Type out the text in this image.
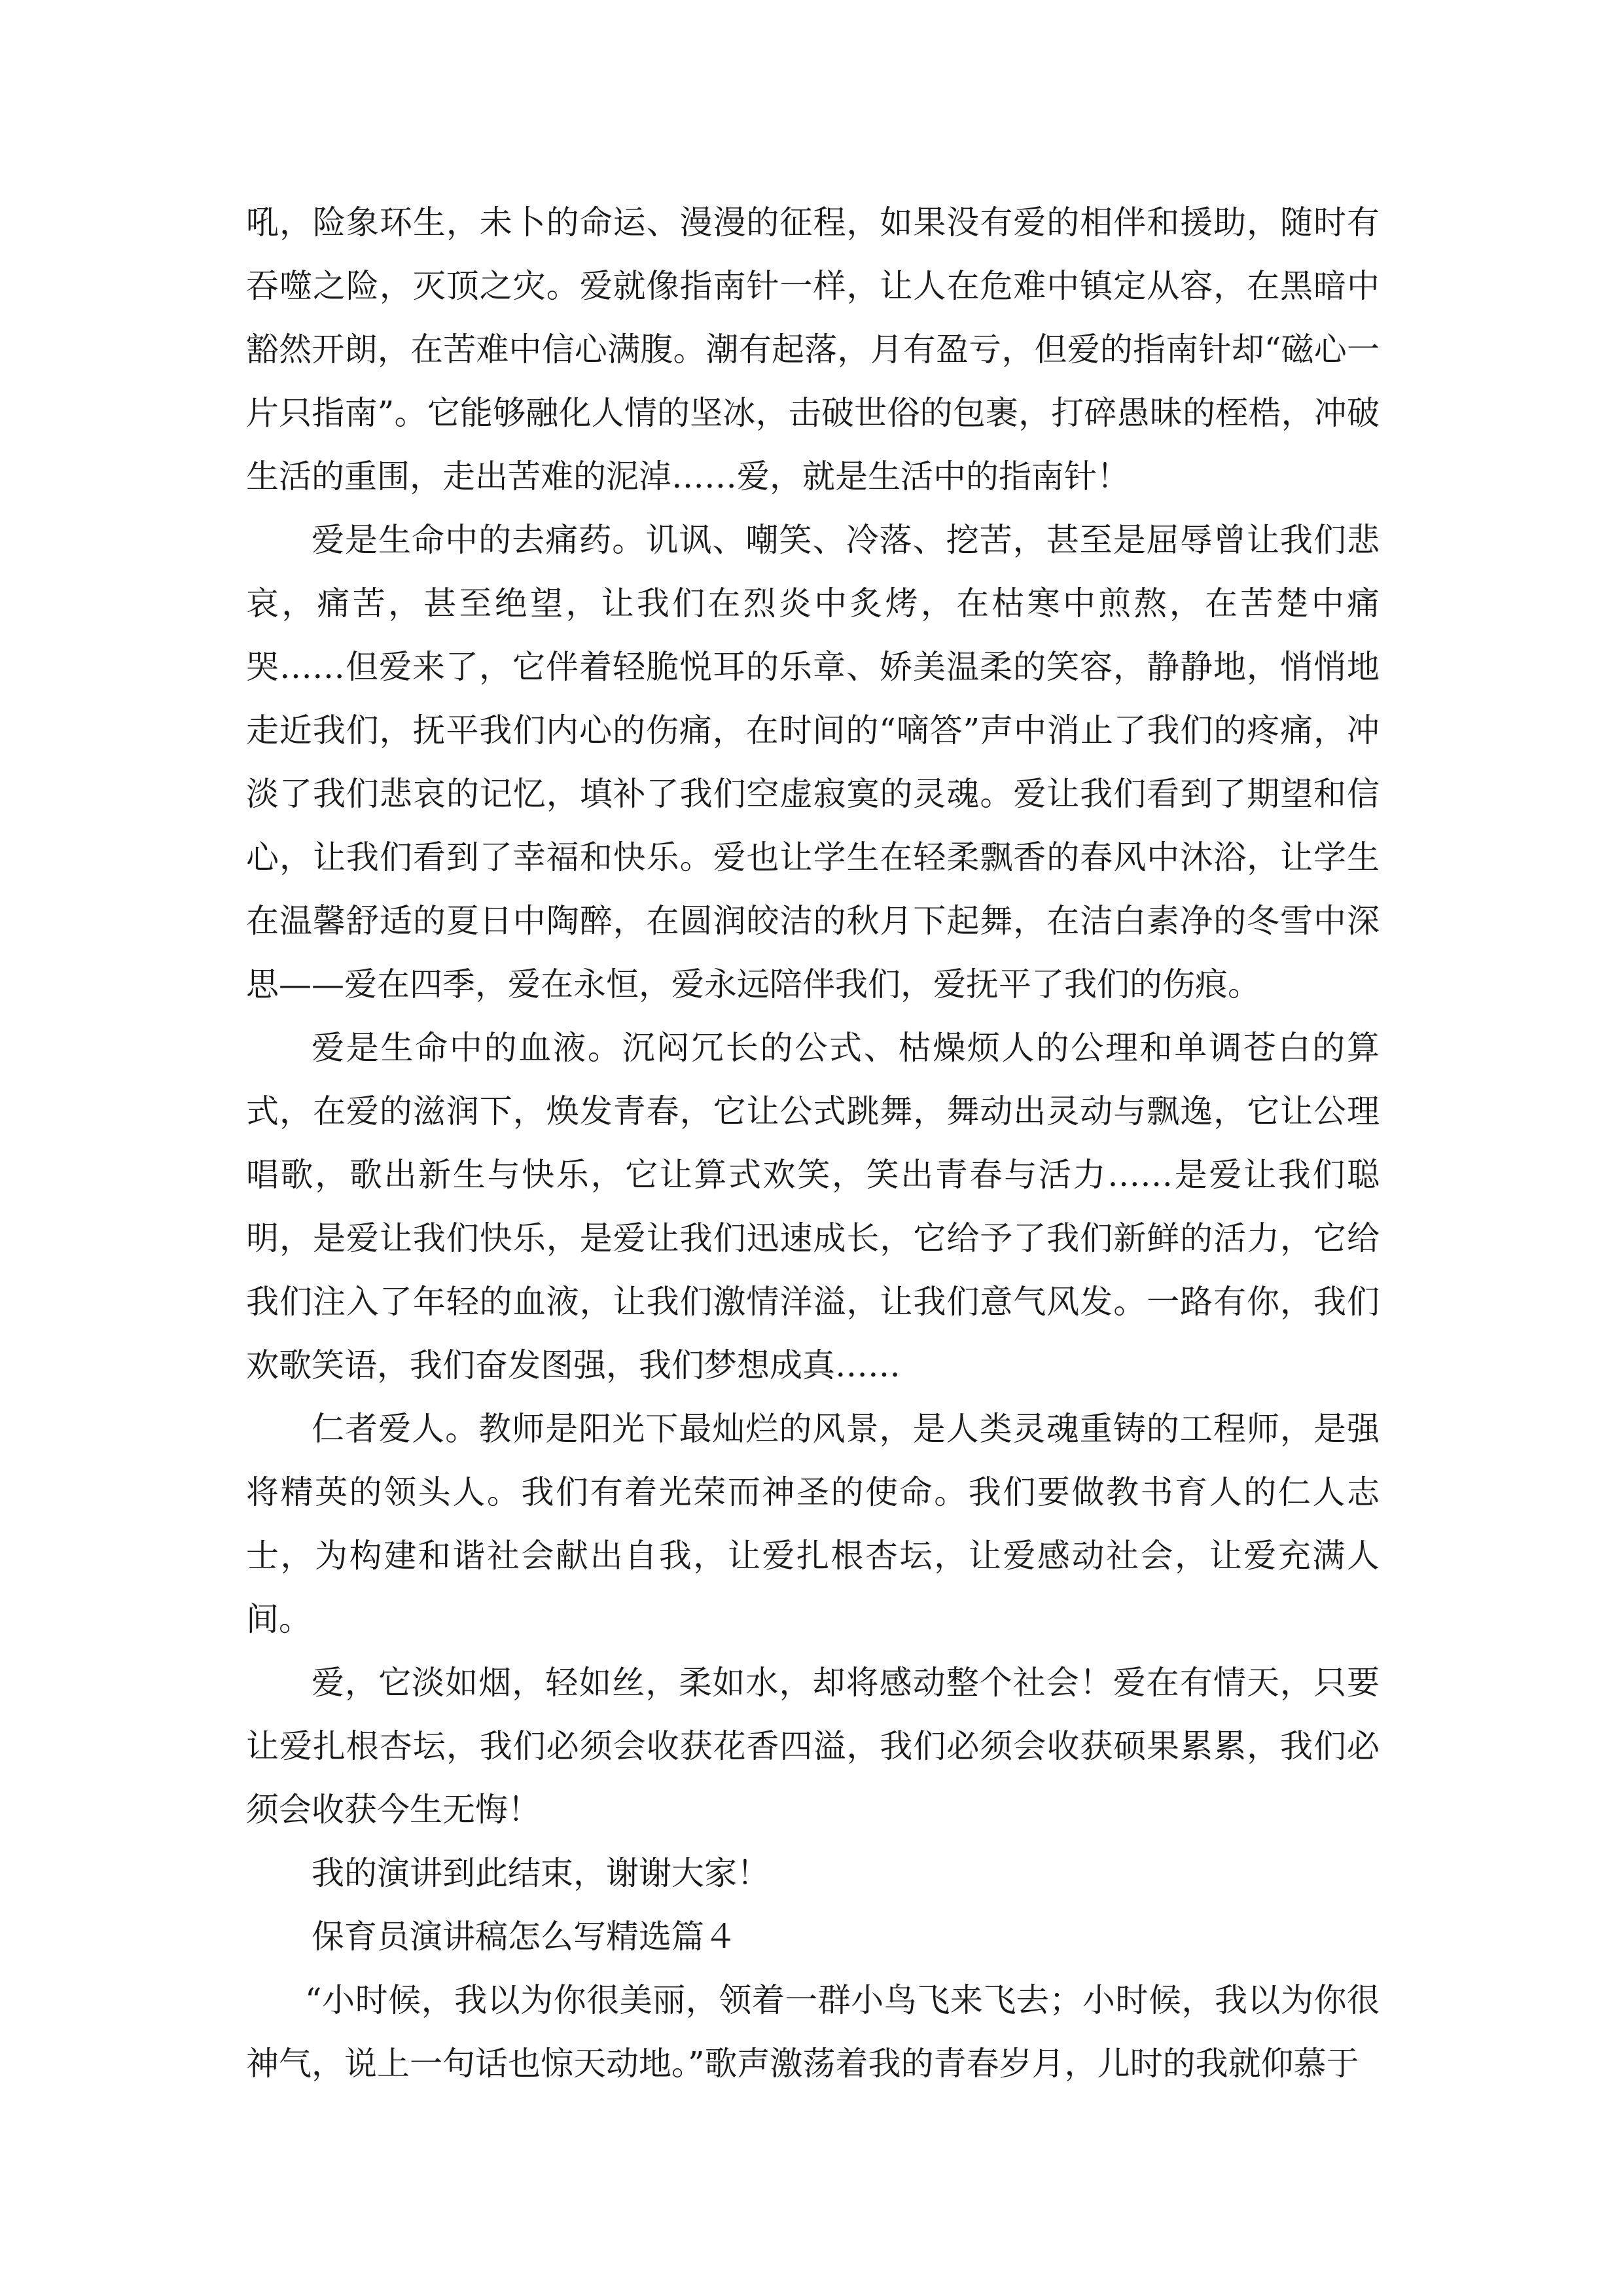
吼，险象环生，未卜的命运、漫漫的征程，如果没有爱的相伴和援助，随时有吞噬之险，灭顶之灾。爱就像指南针一样，让人在危难中镇定从容，在黑暗中豁然开朗，在苦难中信心满腹。潮有起落，月有盈亏，但爱的指南针却“磁心一片只指南”。它能够融化人情的坚冰，击破世俗的包裹，打碎愚昧的桎梏，冲破生活的重围，走出苦难的泥淖……爱，就是生活中的指南针！

爱是生命中的去痛药。讥讽、嘲笑、冷落、挖苦，甚至是屈辱曾让我们悲哀，痛苦，甚至绝望，让我们在烈炎中炙烤，在枯寒中煎熬，在苦楚中痛哭……但爱来了，它伴着轻脆悦耳的乐章、娇美温柔的笑容，静静地，悄悄地走近我们，抚平我们内心的伤痛，在时间的“嘀答”声中消止了我们的疼痛，冲淡了我们悲哀的记忆，填补了我们空虚寂寞的灵魂。爱让我们看到了期望和信心，让我们看到了幸福和快乐。爱也让学生在轻柔飘香的春风中沐浴，让学生在温馨舒适的夏日中陶醉，在圆润皎洁的秋月下起舞，在洁白素净的冬雪中深思——爱在四季，爱在永恒，爱永远陪伴我们，爱抚平了我们的伤痕。

爱是生命中的血液。沉闷冗长的公式、枯燥烦人的公理和单调苍白的算式，在爱的滋润下，焕发青春，它让公式跳舞，舞动出灵动与飘逸，它让公理唱歌，歌出新生与快乐，它让算式欢笑，笑出青春与活力……是爱让我们聪明，是爱让我们快乐，是爱让我们迅速成长，它给予了我们新鲜的活力，它给我们注入了年轻的血液，让我们激情洋溢，让我们意气风发。一路有你，我们欢歌笑语，我们奋发图强，我们梦想成真……

仁者爱人。教师是阳光下最灿烂的风景，是人类灵魂重铸的工程师，是强将精英的领头人。我们有着光荣而神圣的使命。我们要做教书育人的仁人志士，为构建和谐社会献出自我，让爱扎根杏坛，让爱感动社会，让爱充满人间。

爱，它淡如烟，轻如丝，柔如水，却将感动整个社会！爱在有情天，只要让爱扎根杏坛，我们必须会收获花香四溢，我们必须会收获硕果累累，我们必须会收获今生无悔！

我的演讲到此结束，谢谢大家！

保育员演讲稿怎么写精选篇４

“小时候，我以为你很美丽，领着一群小鸟飞来飞去；小时候，我以为你很神气，说上一句话也惊天动地。”歌声激荡着我的青春岁月，儿时的我就仰慕于
